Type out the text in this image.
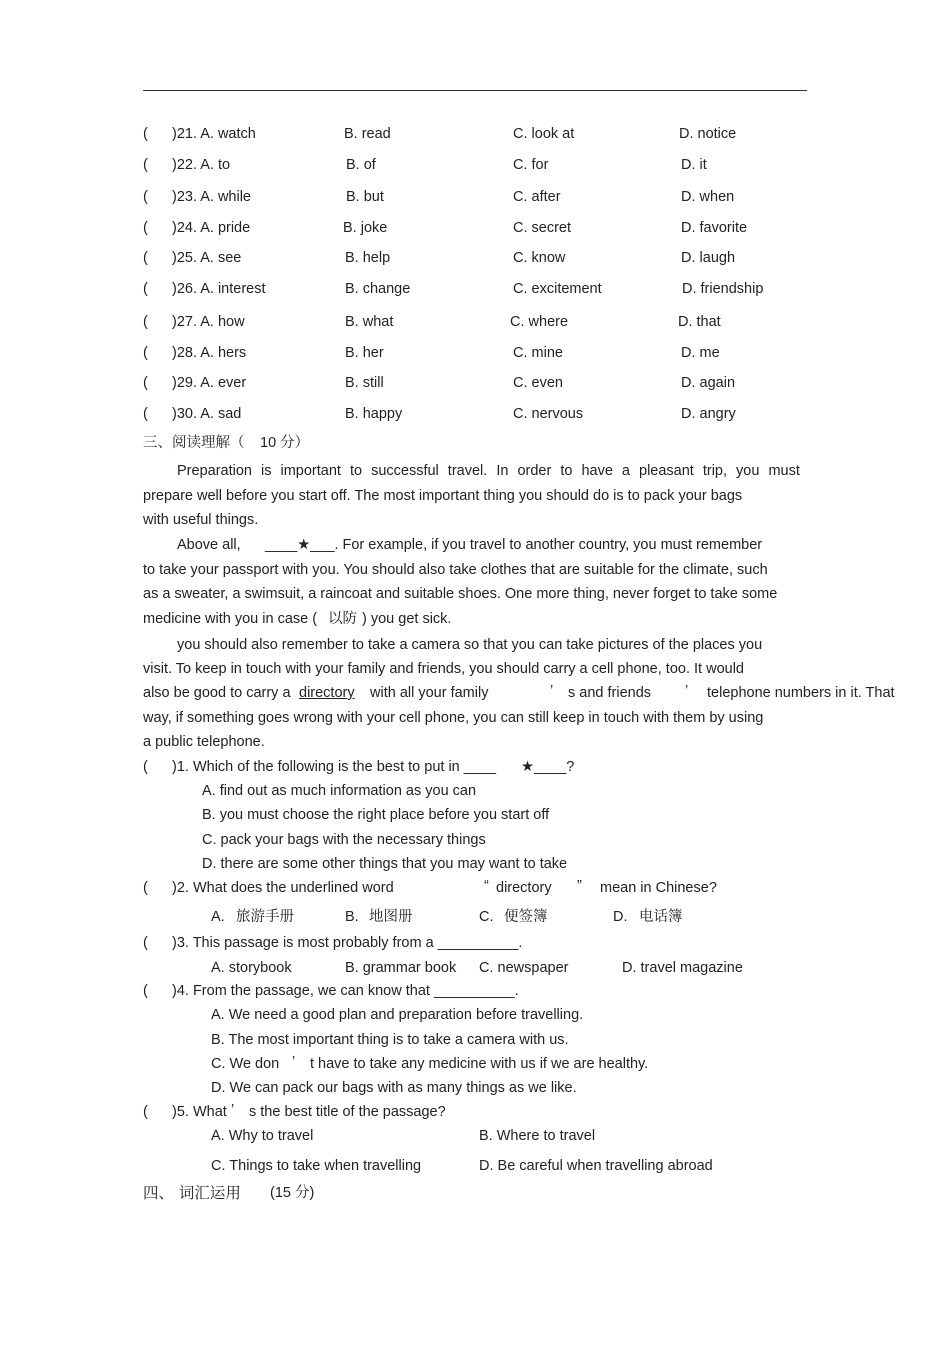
( )21. A. watch	B. read	C. look at	D. notice
( )22. A. to	B. of	C. for	D. it
( )23. A. while	B. but	C. after	D. when
( )24. A. pride	B. joke	C. secret	D. favorite
( )25. A. see	B. help	C. know	D. laugh
( )26. A. interest	B. change	C. excitement	D. friendship
( )27. A. how	B. what	C. where	D. that
( )28. A. hers	B. her	C. mine	D. me
( )29. A. ever	B. still	C. even	D. again
( )30. A. sad	B. happy	C. nervous	D. angry
三、阅读理解（ 10 分）

Preparation is important to successful travel. In order to have a pleasant trip, you must

prepare well before you start off. The most important thing you should do is to pack your bags

with useful things.

Above all, ____★___. For example, if you travel to another country, you must remember
to take your passport with you. You should also take clothes that are suitable for the climate, such
as a sweater, a swimsuit, a raincoat and suitable shoes. One more thing, never forget to take some
medicine with you in case ( 以防 ) you get sick.
you should also remember to take a camera so that you can take pictures of the places you
visit. To keep in touch with your family and friends, you should carry a cell phone, too. It would
also be good to carry a directory with all your family	’ s and friends ’ telephone numbers in it. That
way, if something goes wrong with your cell phone, you can still keep in touch with them by using
a public telephone.
( )1. Which of the following is the best to put in ____ ★____?
A. find out as much information as you can
B. you must choose the right place before you start off
C. pack your bags with the necessary things
D. there are some other things that you may want to take
( )2. What does the underlined word	“ directory ” mean in Chinese?
A. 旅游手册	B. 地图册	C. 便签簿	D. 电话簿
( )3. This passage is most probably from a __________.
A. storybook	B. grammar book C. newspaper	D. travel magazine
( )4. From the passage, we can know that __________.
A. We need a good plan and preparation before travelling.
B. The most important thing is to take a camera with us.
C. We don ’ t have to take any medicine with us if we are healthy.
D. We can pack our bags with as many things as we like.
( )5. What ’ s the best title of the passage?
A. Why to travel	B. Where to travel
C. Things to take when travelling	D. Be careful when travelling abroad
四、 词汇运用 (15 分)
